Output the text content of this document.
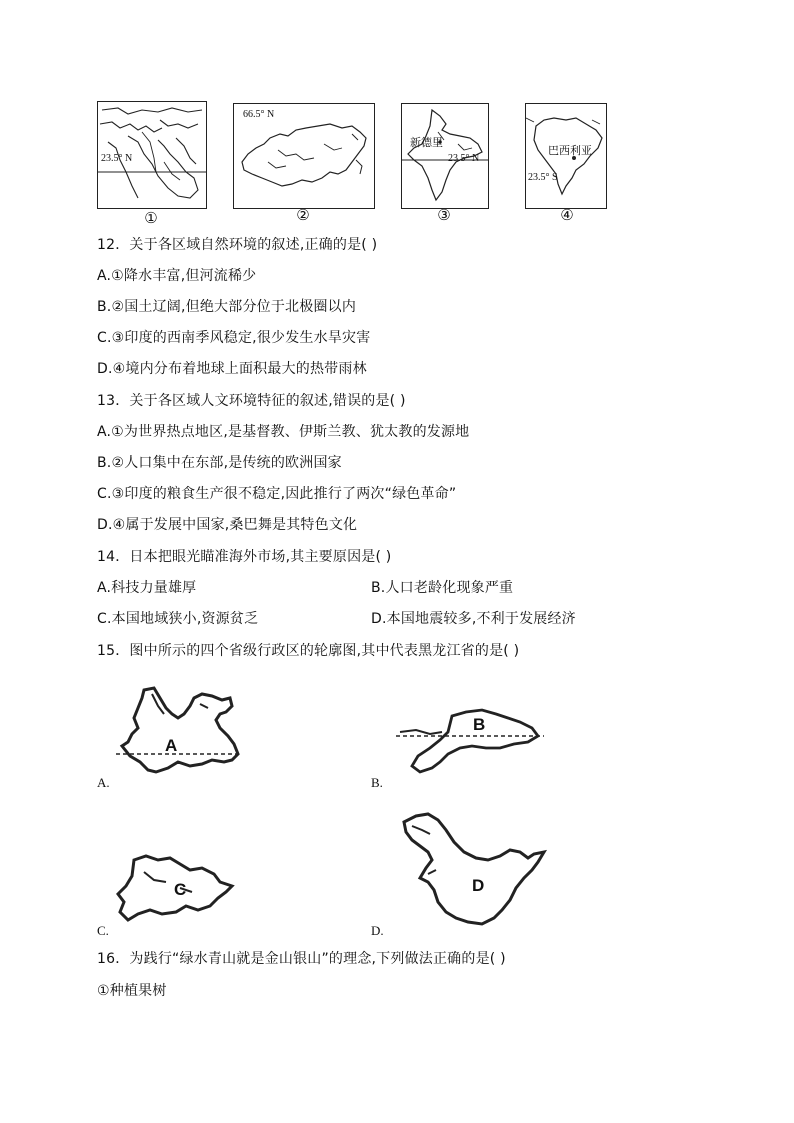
23.5° N
①
66.5° N
②
新德里
23.5° N
③
巴西利亚
23.5° S
④
12．关于各区域自然环境的叙述,正确的是( )
A.①降水丰富,但河流稀少
B.②国土辽阔,但绝大部分位于北极圈以内
C.③印度的西南季风稳定,很少发生水旱灾害
D.④境内分布着地球上面积最大的热带雨林
13．关于各区域人文环境特征的叙述,错误的是( )
A.①为世界热点地区,是基督教、伊斯兰教、犹太教的发源地
B.②人口集中在东部,是传统的欧洲国家
C.③印度的粮食生产很不稳定,因此推行了两次“绿色革命”
D.④属于发展中国家,桑巴舞是其特色文化
14．日本把眼光瞄准海外市场,其主要原因是( )
A.科技力量雄厚	B.人口老龄化现象严重
C.本国地域狭小,资源贫乏	D.本国地震较多,不利于发展经济
15．图中所示的四个省级行政区的轮廓图,其中代表黑龙江省的是( )
A
A.
B
B.
C
C.
D
D.
16．为践行“绿水青山就是金山银山”的理念,下列做法正确的是( )
①种植果树
